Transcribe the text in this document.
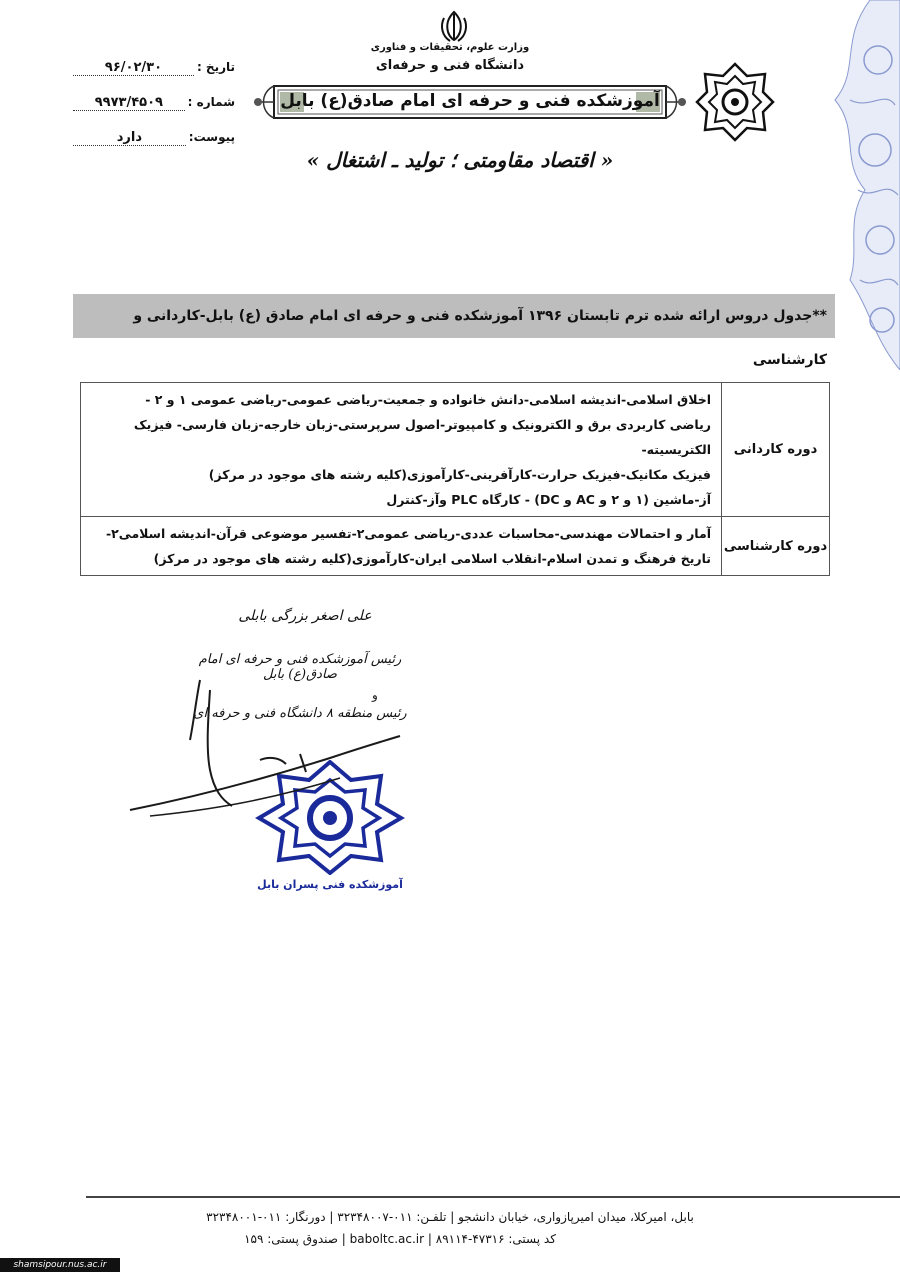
وزارت علوم، تحقیقات و فناوری
دانشگاه فنی و حرفه‌ای
آموزشکده فنی و حرفه ای امام صادق(ع) بابل
« اقتصاد مقاومتی ؛ تولید ـ اشتغال »
تاریخ :
۹۶/۰۲/۳۰
شماره :
۹۹۷۳/۴۵۰۹
پیوست:
دارد
**جدول دروس ارائه شده ترم تابستان ۱۳۹۶ آموزشکده فنی و حرفه ای امام صادق (ع) بابل-کاردانی و کارشناسی
دوره کاردانی	اخلاق اسلامی-اندیشه اسلامی-دانش خانواده و جمعیت-ریاضی عمومی-ریاضی عمومی ۱ و ۲ -
ریاضی کاربردی برق و الکترونیک و کامپیوتر-اصول سرپرستی-زبان خارجه-زبان فارسی- فیزیک الکتریسیته-
فیزیک مکانیک-فیزیک حرارت-کارآفرینی-کارآموزی(کلیه رشته های موجود در مرکز)
آز-ماشین (۱ و ۲ و AC و DC) - کارگاه PLC وآز-کنترل

دوره کارشناسی	آمار و احتمالات مهندسی-محاسبات عددی-ریاضی عمومی۲-تفسیر موضوعی قرآن-اندیشه اسلامی۲-
تاریخ فرهنگ و تمدن اسلام-انقلاب اسلامی ایران-کارآموزی(کلیه رشته های موجود در مرکز)
علی اصغر بزرگی بابلی
رئیس آموزشکده فنی و حرفه ای امام صادق(ع) بابل
و
رئیس منطقه ۸ دانشگاه فنی و حرفه ای
آموزشکده فنی پسران بابل
بابل، امیرکلا، میدان امیرپازواری، خیابان دانشجو | تلفـن: ۰۱۱-۳۲۳۴۸۰۰۷ | دورنگار: ۰۱۱-۳۲۳۴۸۰۰۱
کد پستی: ۴۷۳۱۶-۸۹۱۱۴ | baboltc.ac.ir | صندوق پستی: ۱۵۹
shamsipour.nus.ac.ir
